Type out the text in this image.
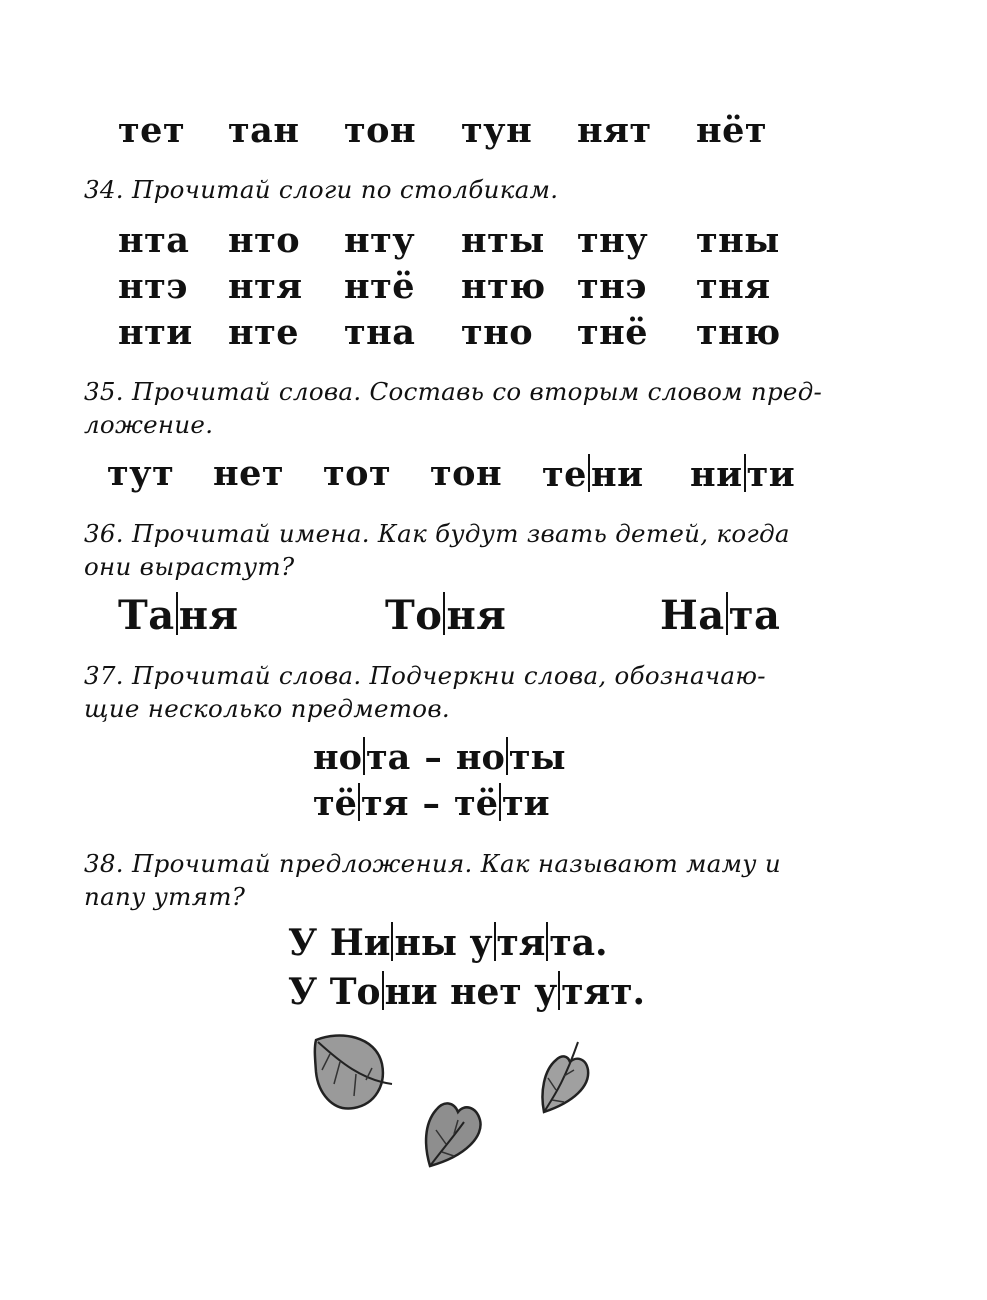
тет тан тон тун нят нёт
34. Прочитай слоги по столбикам.
нта нто нту нты тну тны
нтэ нтя нтё нтю тнэ тня
нти нте тна тно тнё тню
35. Прочитай слова. Составь со вторым словом пред-
ложение.
тут нет тот тон те ни ни ти
36. Прочитай имена. Как будут звать детей, когда
они вырастут?
Та ня	То ня	На та
37. Прочитай слова. Подчеркни слова, обозначаю-
щие несколько предметов.
но та – но ты
тё тя – тё ти
38. Прочитай предложения. Как называют маму и
папу утят?
У Ни ны у тя та.
У То ни нет у тят.
